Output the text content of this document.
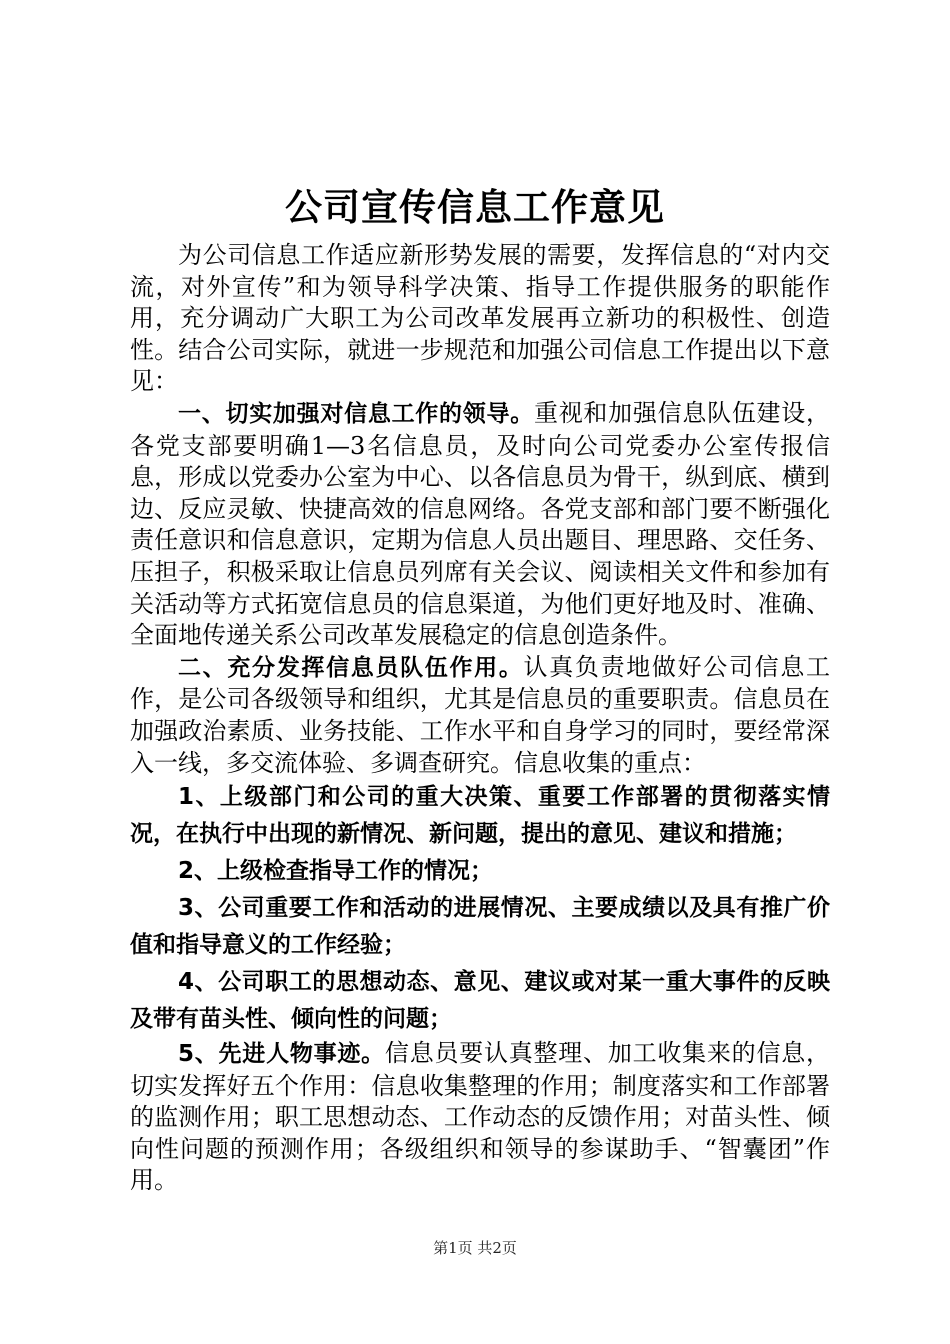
公司宣传信息工作意见

为公司信息工作适应新形势发展的需要，发挥信息的“对内交流，对外宣传”和为领导科学决策、指导工作提供服务的职能作用，充分调动广大职工为公司改革发展再立新功的积极性、创造性。结合公司实际，就进一步规范和加强公司信息工作提出以下意见：

一、切实加强对信息工作的领导。重视和加强信息队伍建设，各党支部要明确1—3名信息员，及时向公司党委办公室传报信息，形成以党委办公室为中心、以各信息员为骨干，纵到底、横到边、反应灵敏、快捷高效的信息网络。各党支部和部门要不断强化责任意识和信息意识，定期为信息人员出题目、理思路、交任务、压担子，积极采取让信息员列席有关会议、阅读相关文件和参加有关活动等方式拓宽信息员的信息渠道，为他们更好地及时、准确、全面地传递关系公司改革发展稳定的信息创造条件。

二、充分发挥信息员队伍作用。认真负责地做好公司信息工作，是公司各级领导和组织，尤其是信息员的重要职责。信息员在加强政治素质、业务技能、工作水平和自身学习的同时，要经常深入一线，多交流体验、多调查研究。信息收集的重点：

1、上级部门和公司的重大决策、重要工作部署的贯彻落实情况，在执行中出现的新情况、新问题，提出的意见、建议和措施；

2、上级检查指导工作的情况；

3、公司重要工作和活动的进展情况、主要成绩以及具有推广价值和指导意义的工作经验；

4、公司职工的思想动态、意见、建议或对某一重大事件的反映及带有苗头性、倾向性的问题；

5、先进人物事迹。信息员要认真整理、加工收集来的信息，切实发挥好五个作用：信息收集整理的作用；制度落实和工作部署的监测作用；职工思想动态、工作动态的反馈作用；对苗头性、倾向性问题的预测作用；各级组织和领导的参谋助手、“智囊团”作用。

第1页 共2页
